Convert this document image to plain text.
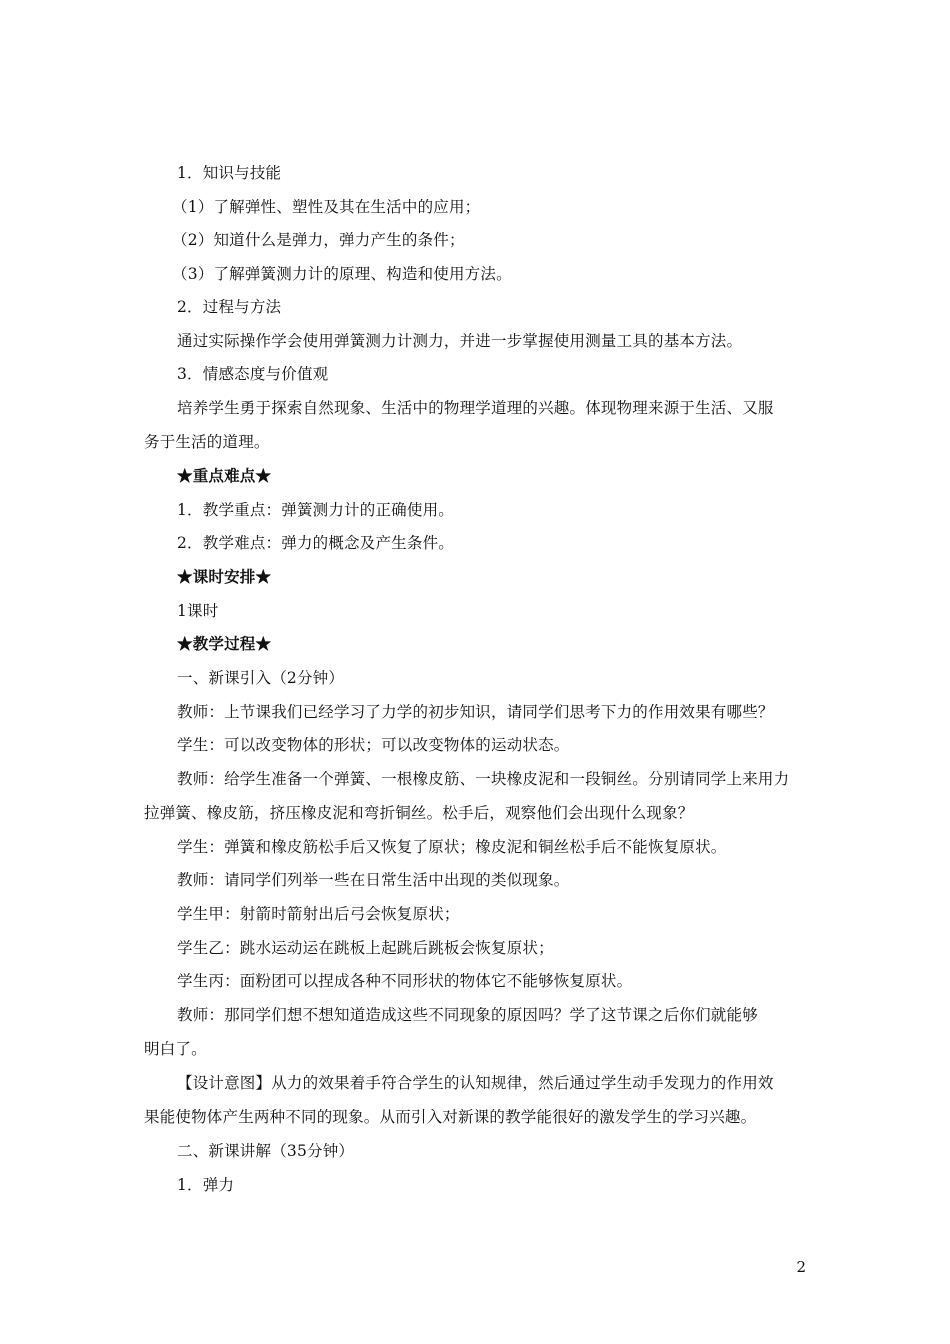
1．知识与技能
（1）了解弹性、塑性及其在生活中的应用；
（2）知道什么是弹力，弹力产生的条件；
（3）了解弹簧测力计的原理、构造和使用方法。
2．过程与方法
通过实际操作学会使用弹簧测力计测力，并进一步掌握使用测量工具的基本方法。
3．情感态度与价值观
培养学生勇于探索自然现象、生活中的物理学道理的兴趣。体现物理来源于生活、又服
务于生活的道理。
★重点难点★
1．教学重点：弹簧测力计的正确使用。
2．教学难点：弹力的概念及产生条件。
★课时安排★
1课时
★教学过程★
一、新课引入（2分钟）
教师：上节课我们已经学习了力学的初步知识，请同学们思考下力的作用效果有哪些？
学生：可以改变物体的形状；可以改变物体的运动状态。
教师：给学生准备一个弹簧、一根橡皮筋、一块橡皮泥和一段铜丝。分别请同学上来用力
拉弹簧、橡皮筋，挤压橡皮泥和弯折铜丝。松手后，观察他们会出现什么现象？
学生：弹簧和橡皮筋松手后又恢复了原状；橡皮泥和铜丝松手后不能恢复原状。
教师：请同学们列举一些在日常生活中出现的类似现象。
学生甲：射箭时箭射出后弓会恢复原状；
学生乙：跳水运动运在跳板上起跳后跳板会恢复原状；
学生丙：面粉团可以捏成各种不同形状的物体它不能够恢复原状。
教师：那同学们想不想知道造成这些不同现象的原因吗？学了这节课之后你们就能够
明白了。
【设计意图】从力的效果着手符合学生的认知规律，然后通过学生动手发现力的作用效
果能使物体产生两种不同的现象。从而引入对新课的教学能很好的激发学生的学习兴趣。
二、新课讲解（35分钟）
1．弹力
2
